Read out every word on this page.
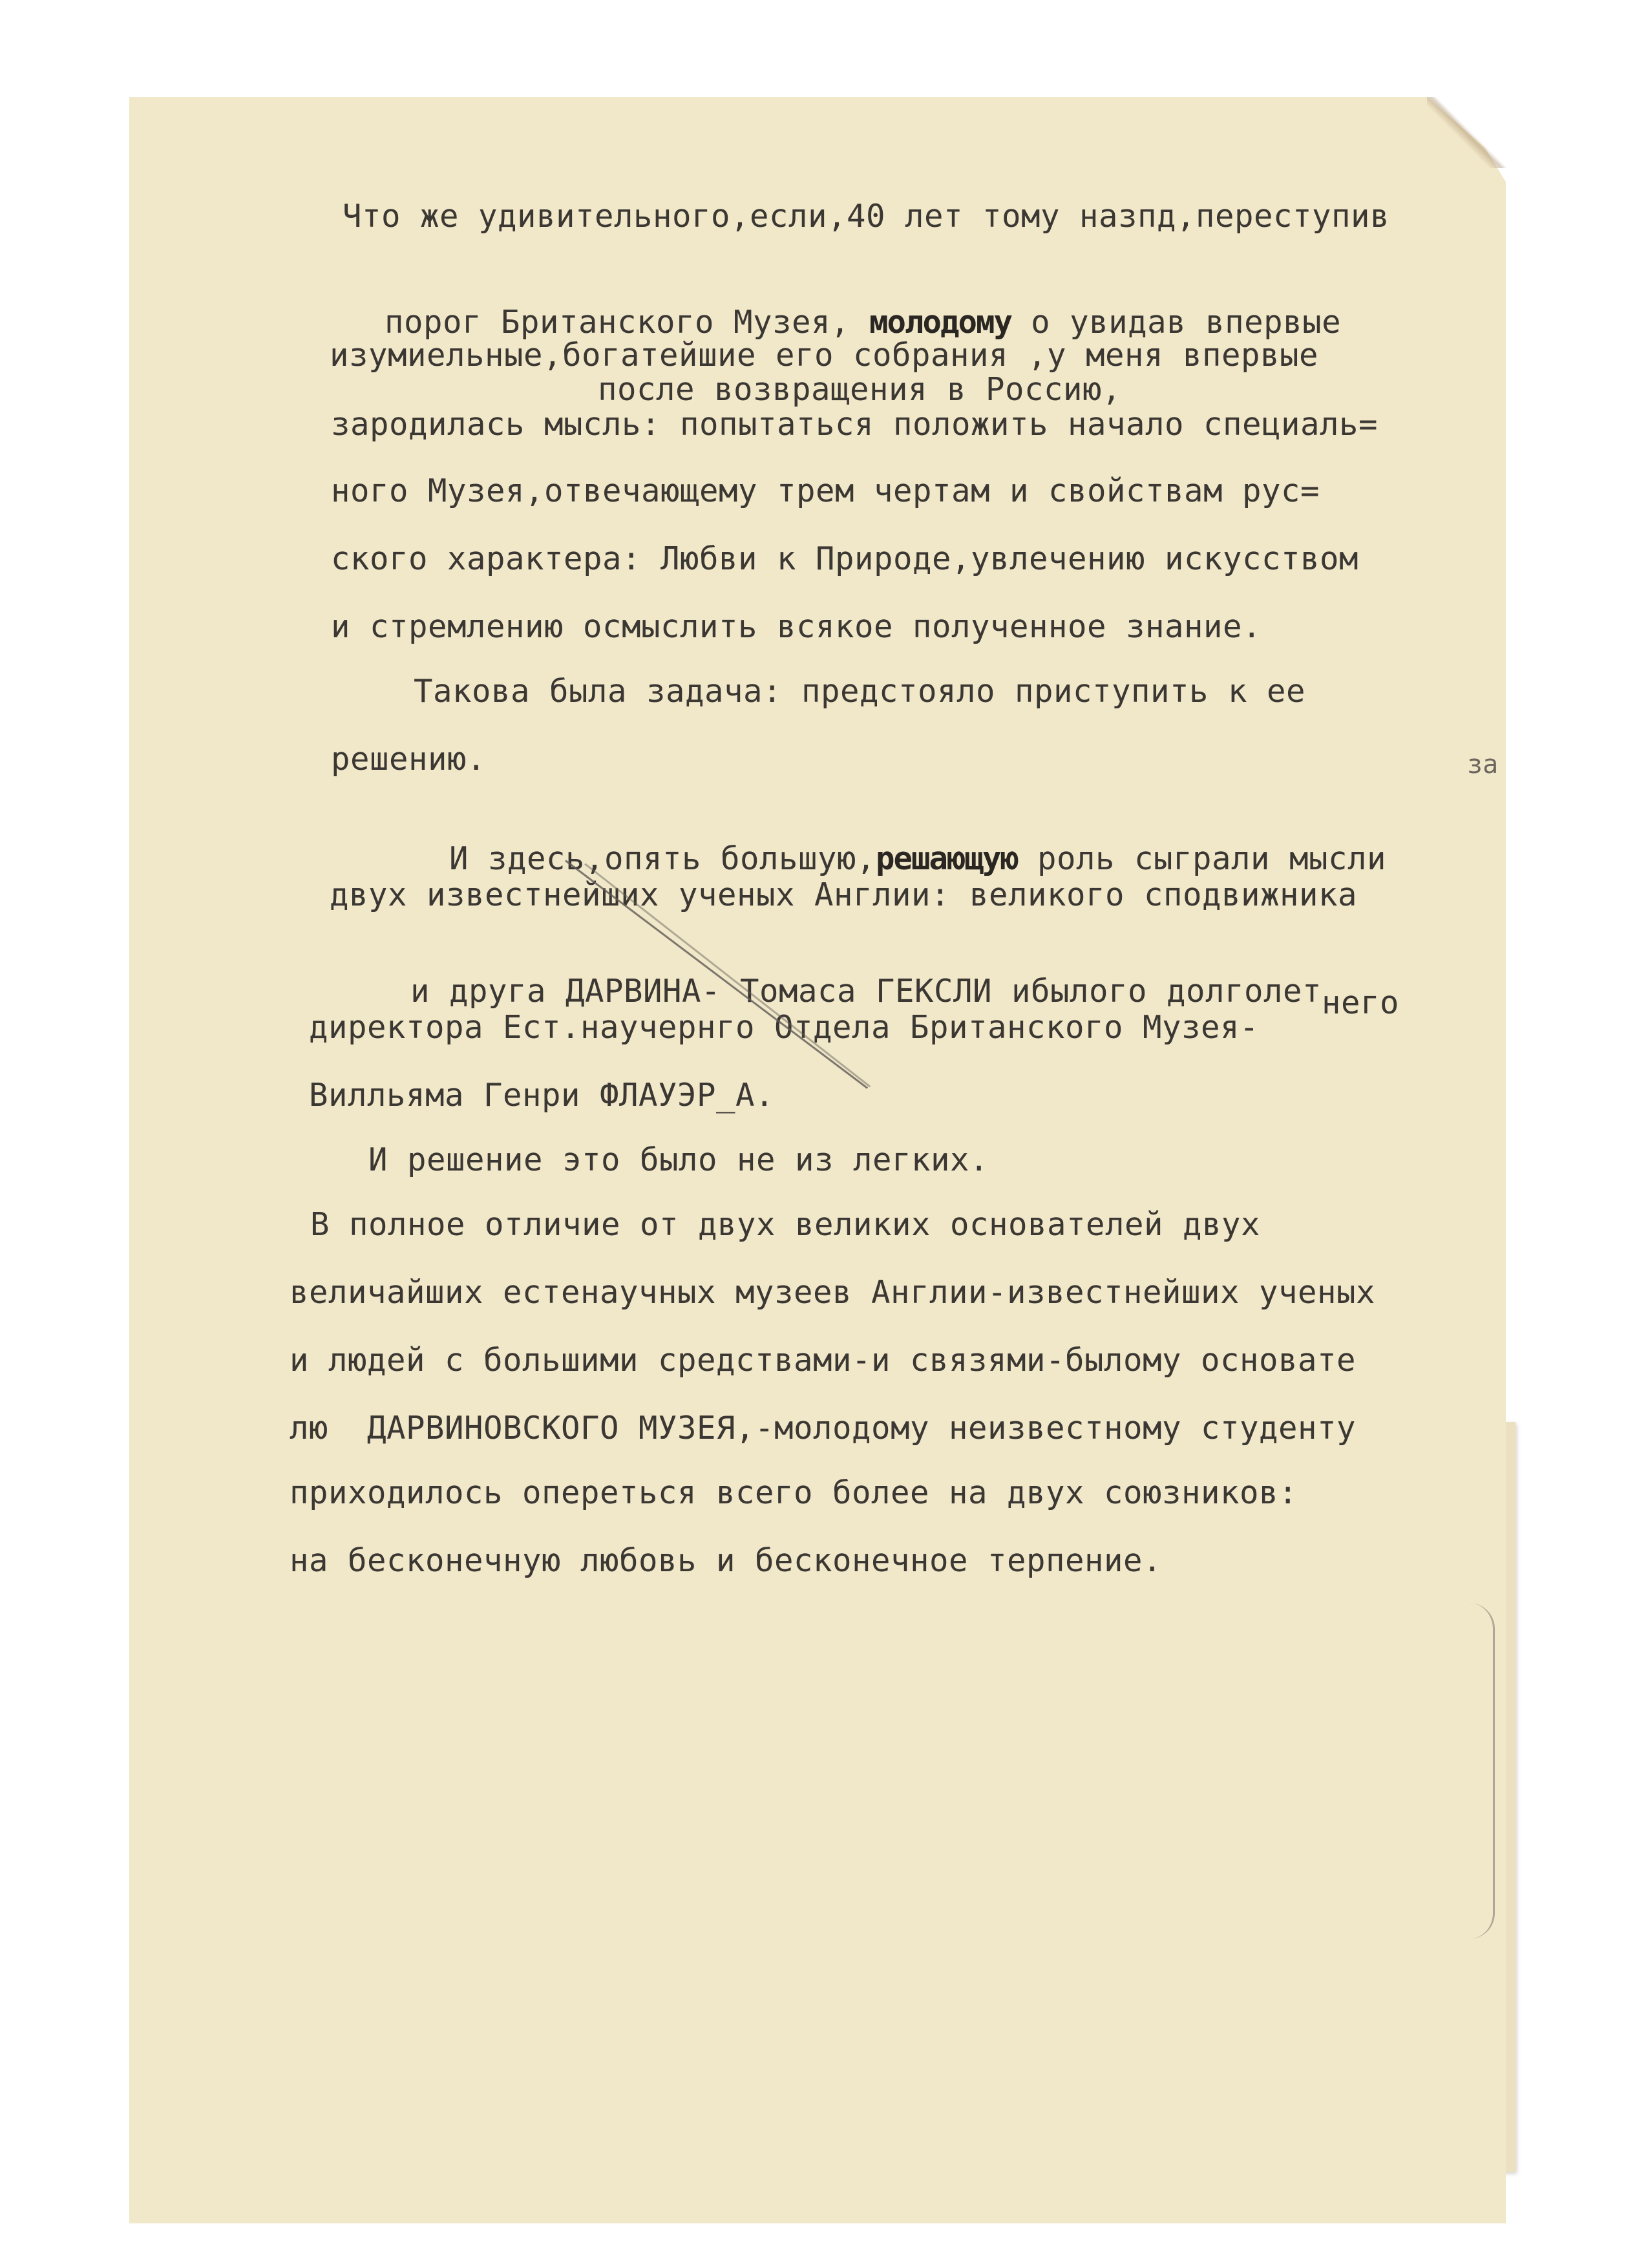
Что же удивительного,если,40 лет тому назпд,переступив

порог Британского Музея, молодому о увидав впервые

изумиельные,богатейшие его собрания ,у меня впервые
после возвращения в Россию,
зародилась мысль: попытаться положить начало специаль=
ного Музея,отвечающему трем чертам и свойствам рус=
ского характера: Любви к Природе,увлечению искусством
и стремлению осмыслить всякое полученное знание.
Такова была задача: предстояло приступить к ее
решению.	за

И здесь,опять большую,решающую роль сыграли мысли

двух известнейших ученых Англии: великого сподвижника

и друга ДАРВИНА- Томаса ГЕКСЛИ ибылого долголетнего

директора Ест.научернго Отдела Британского Музея-
Вилльяма Генри ФЛАУЭР_А.
И решение это было не из легких.
В полное отличие от двух великих основателей двух
величайших естенаучных музеев Англии-известнейших ученых
и людей с большими средствами-и связями-былому основате
лю  ДАРВИНОВСКОГО МУЗЕЯ,-молодому неизвестному студенту
приходилось опереться всего более на двух союзников:
на бесконечную любовь и бесконечное терпение.
